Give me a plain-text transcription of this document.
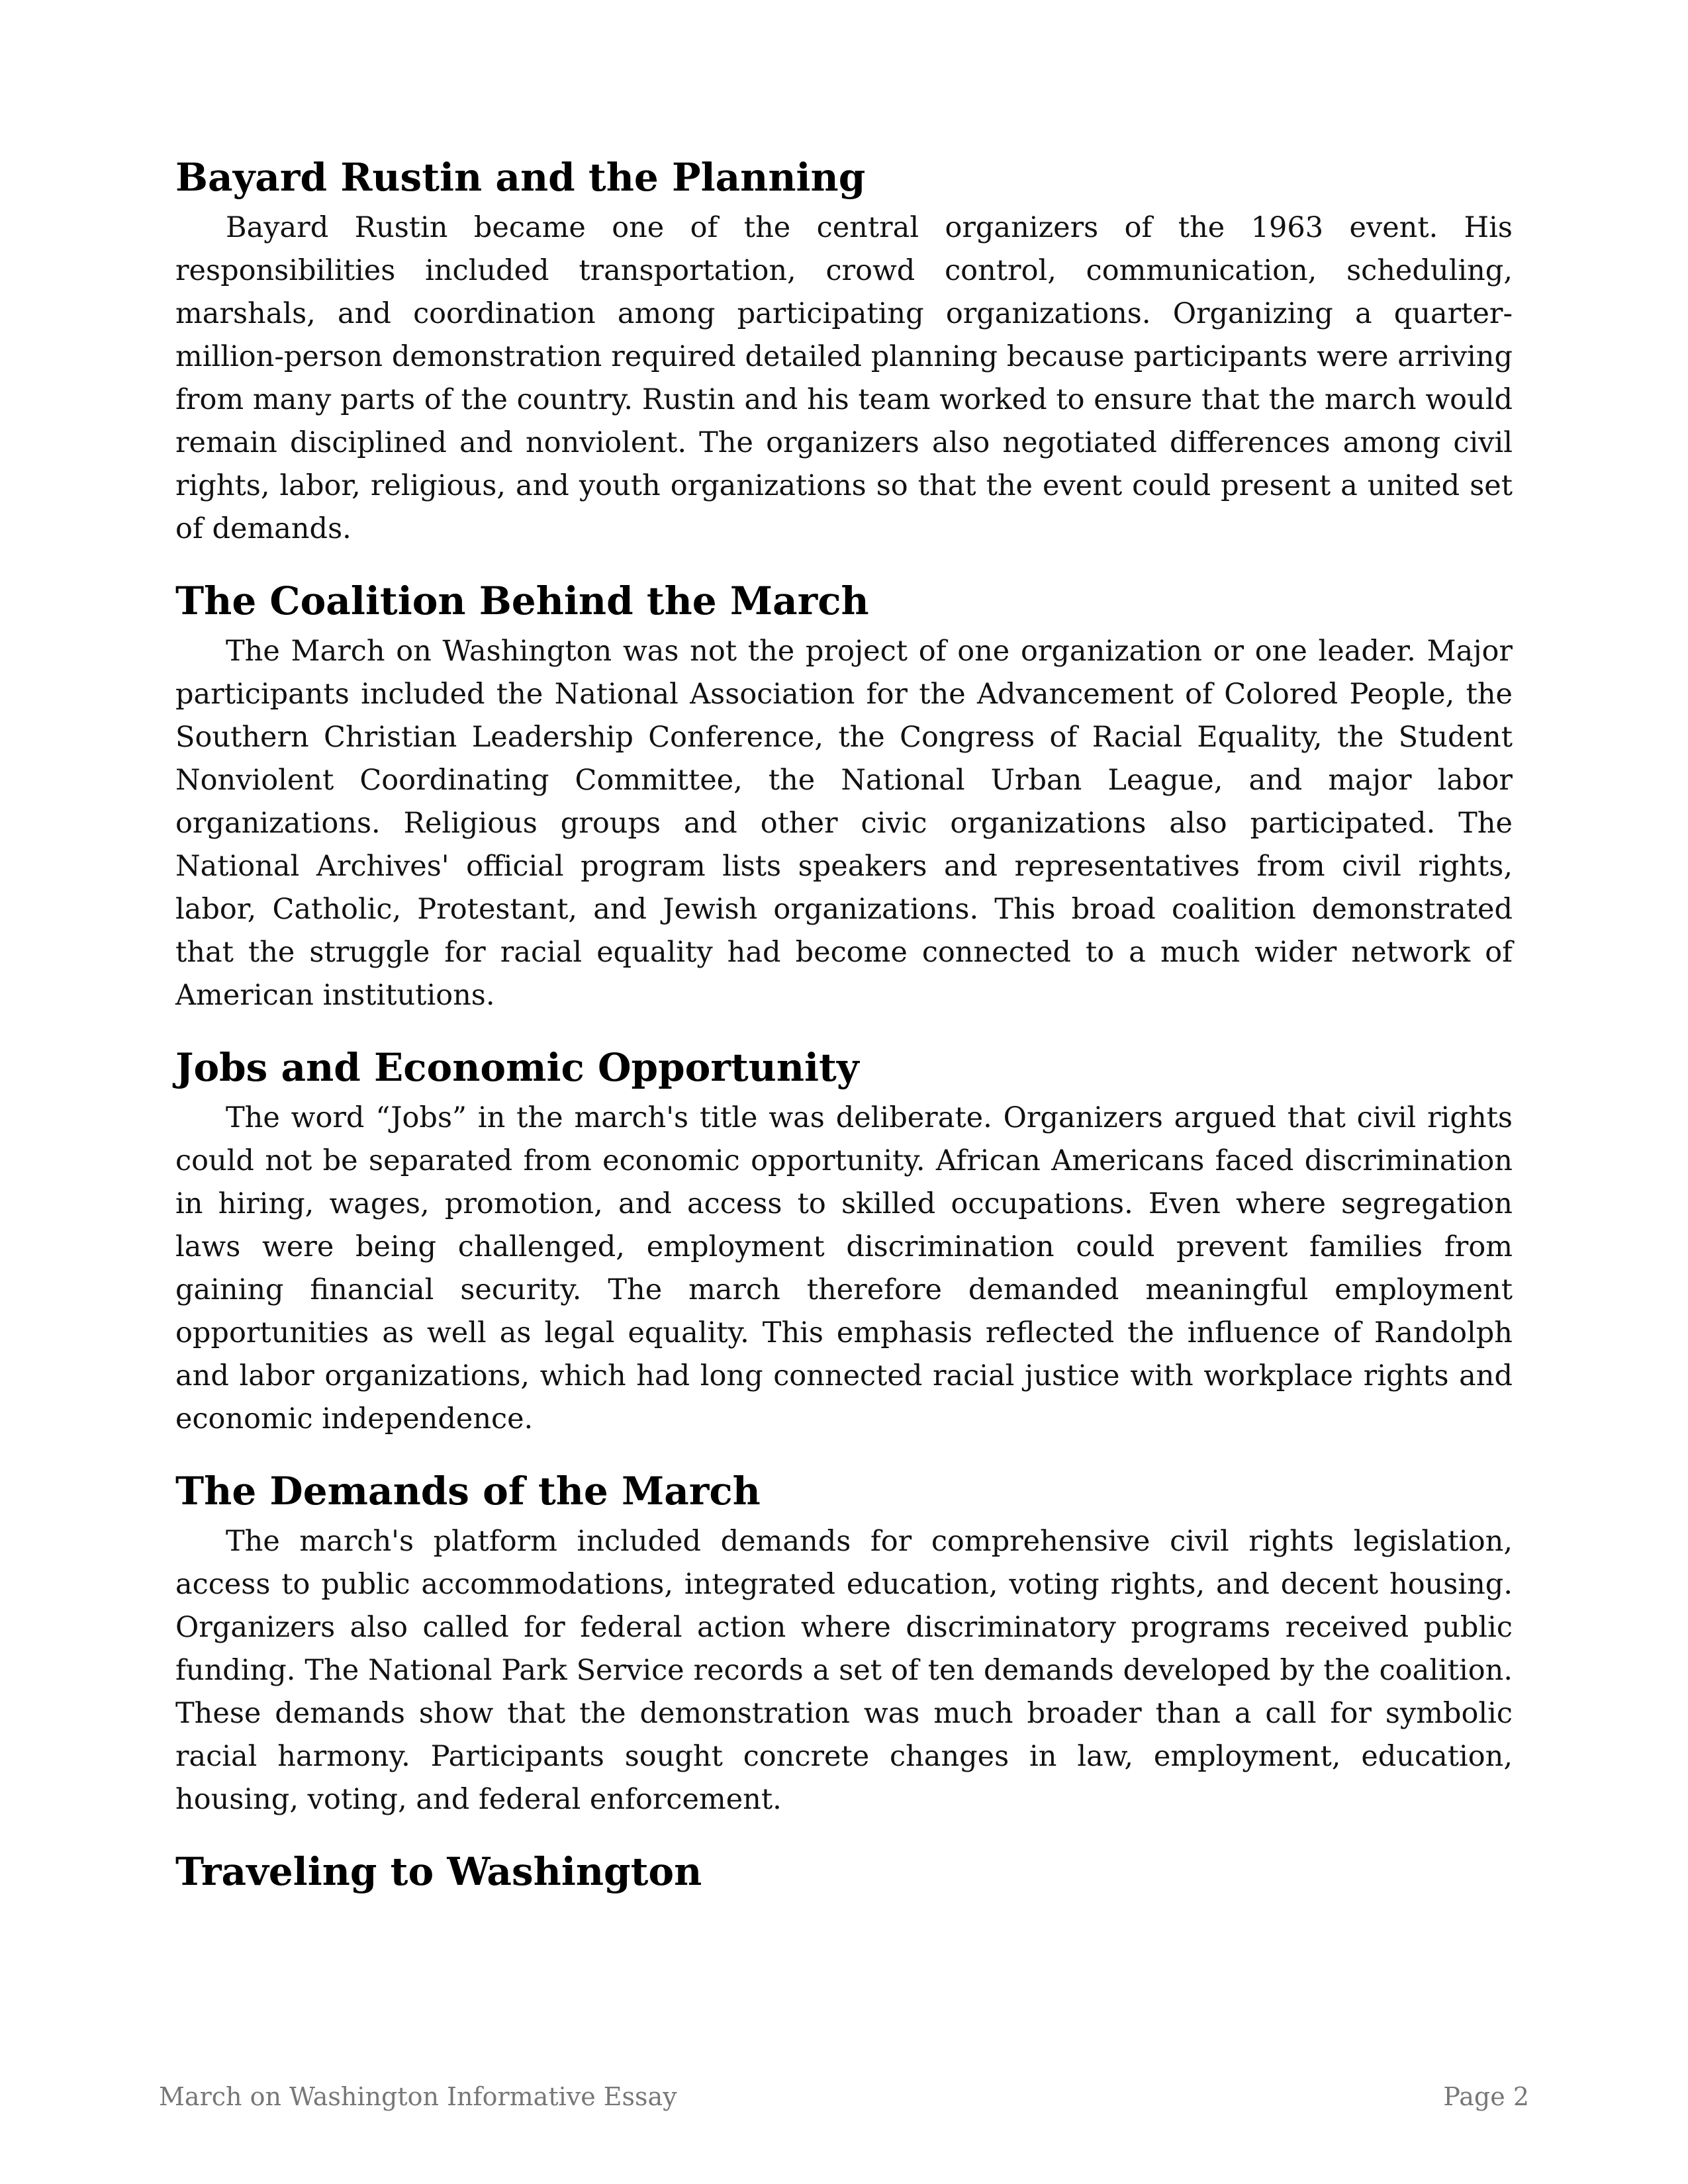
Bayard Rustin and the Planning

Bayard Rustin became one of the central organizers of the 1963 event. His responsibilities included transportation, crowd control, communication, scheduling, marshals, and coordination among participating organizations. Organizing a quarter-million-person demonstration required detailed planning because participants were arriving from many parts of the country. Rustin and his team worked to ensure that the march would remain disciplined and nonviolent. The organizers also negotiated differences among civil rights, labor, religious, and youth organizations so that the event could present a united set of demands.

The Coalition Behind the March

The March on Washington was not the project of one organization or one leader. Major participants included the National Association for the Advancement of Colored People, the Southern Christian Leadership Conference, the Congress of Racial Equality, the Student Nonviolent Coordinating Committee, the National Urban League, and major labor organizations. Religious groups and other civic organizations also participated. The National Archives' official program lists speakers and representatives from civil rights, labor, Catholic, Protestant, and Jewish organizations. This broad coalition demonstrated that the struggle for racial equality had become connected to a much wider network of American institutions.

Jobs and Economic Opportunity

The word “Jobs” in the march's title was deliberate. Organizers argued that civil rights could not be separated from economic opportunity. African Americans faced discrimination in hiring, wages, promotion, and access to skilled occupations. Even where segregation laws were being challenged, employment discrimination could prevent families from gaining financial security. The march therefore demanded meaningful employment opportunities as well as legal equality. This emphasis reflected the influence of Randolph and labor organizations, which had long connected racial justice with workplace rights and economic independence.

The Demands of the March

The march's platform included demands for comprehensive civil rights legislation, access to public accommodations, integrated education, voting rights, and decent housing. Organizers also called for federal action where discriminatory programs received public funding. The National Park Service records a set of ten demands developed by the coalition. These demands show that the demonstration was much broader than a call for symbolic racial harmony. Participants sought concrete changes in law, employment, education, housing, voting, and federal enforcement.

Traveling to Washington
March on Washington Informative Essay	Page 2
